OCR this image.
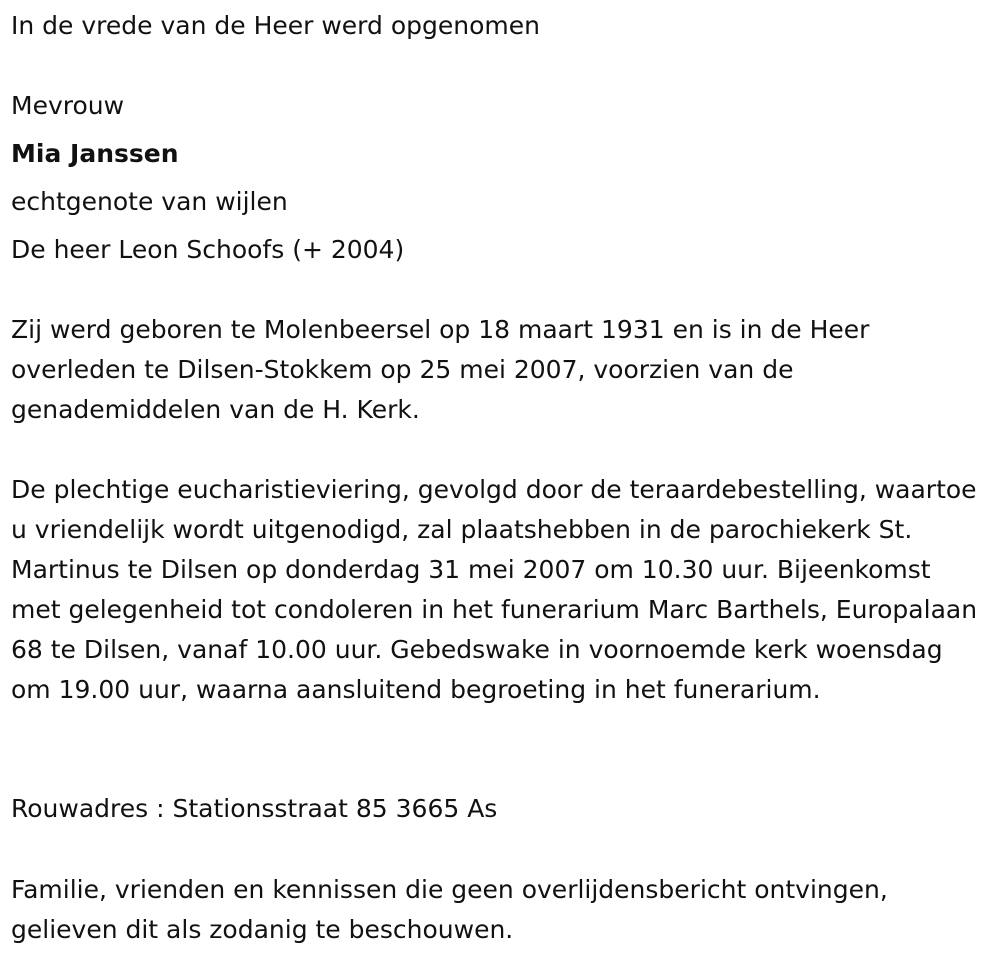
In de vrede van de Heer werd opgenomen
Mevrouw
Mia Janssen
echtgenote van wijlen
De heer Leon Schoofs (+ 2004)

Zij werd geboren te Molenbeersel op 18 maart 1931 en is in de Heer overleden te Dilsen-Stokkem op 25 mei 2007, voorzien van de genademiddelen van de H. Kerk.

De plechtige eucharistieviering, gevolgd door de teraardebestelling, waartoe u vriendelijk wordt uitgenodigd, zal plaatshebben in de parochiekerk St. Martinus te Dilsen op donderdag 31 mei 2007 om 10.30 uur. Bijeenkomst met gelegenheid tot condoleren in het funerarium Marc Barthels, Europalaan 68 te Dilsen, vanaf 10.00 uur. Gebedswake in voornoemde kerk woensdag om 19.00 uur, waarna aansluitend begroeting in het funerarium.

Rouwadres : Stationsstraat 85 3665 As

Familie, vrienden en kennissen die geen overlijdensbericht ontvingen, gelieven dit als zodanig te beschouwen.
